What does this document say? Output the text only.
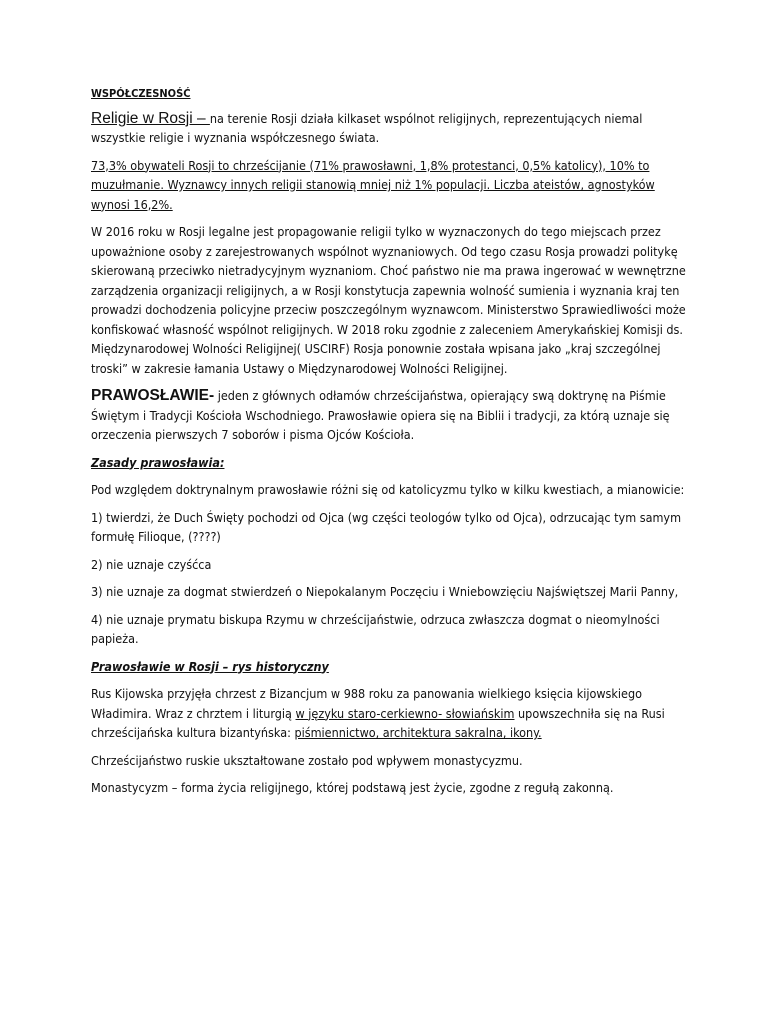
WSPÓŁCZESNOŚĆ

Religie w Rosji – na terenie Rosji działa kilkaset wspólnot religijnych, reprezentujących niemal wszystkie religie i wyznania współczesnego świata.

73,3% obywateli Rosji to chrześcijanie (71% prawosławni, 1,8% protestanci, 0,5% katolicy), 10% to muzułmanie. Wyznawcy innych religii stanowią mniej niż 1% populacji. Liczba ateistów, agnostyków wynosi 16,2%.

W 2016 roku w Rosji legalne jest propagowanie religii tylko w wyznaczonych do tego miejscach przez upoważnione osoby z zarejestrowanych wspólnot wyznaniowych. Od tego czasu Rosja prowadzi politykę skierowaną przeciwko nietradycyjnym wyznaniom. Choć państwo nie ma prawa ingerować w wewnętrzne zarządzenia organizacji religijnych, a w Rosji konstytucja zapewnia wolność sumienia i wyznania kraj ten prowadzi dochodzenia policyjne przeciw poszczególnym wyznawcom. Ministerstwo Sprawiedliwości może konfiskować własność wspólnot religijnych. W 2018 roku zgodnie z zaleceniem Amerykańskiej Komisji ds. Międzynarodowej Wolności Religijnej( USCIRF) Rosja ponownie została wpisana jako „kraj szczególnej troski” w zakresie łamania Ustawy o Międzynarodowej Wolności Religijnej.

PRAWOSŁAWIE- jeden z głównych odłamów chrześcijaństwa, opierający swą doktrynę na Piśmie Świętym i Tradycji Kościoła Wschodniego. Prawosławie opiera się na Biblii i tradycji, za którą uznaje się orzeczenia pierwszych 7 soborów i pisma Ojców Kościoła.

Zasady prawosławia:

Pod względem doktrynalnym prawosławie różni się od katolicyzmu tylko w kilku kwestiach, a mianowicie:

1) twierdzi, że Duch Święty pochodzi od Ojca (wg części teologów tylko od Ojca), odrzucając tym samym formułę Filioque, (????)

2) nie uznaje czyśćca

3) nie uznaje za dogmat stwierdzeń o Niepokalanym Poczęciu i Wniebowzięciu Najświętszej Marii Panny,

4) nie uznaje prymatu biskupa Rzymu w chrześcijaństwie, odrzuca zwłaszcza dogmat o nieomylności papieża.

Prawosławie w Rosji – rys historyczny

Rus Kijowska przyjęła chrzest z Bizancjum w 988 roku za panowania wielkiego księcia kijowskiego Władimira. Wraz z chrztem i liturgią w języku staro-cerkiewno- słowiańskim upowszechniła się na Rusi chrześcijańska kultura bizantyńska: piśmiennictwo, architektura sakralna, ikony.

Chrześcijaństwo ruskie ukształtowane zostało pod wpływem monastycyzmu.

Monastycyzm – forma życia religijnego, której podstawą jest życie, zgodne z regułą zakonną.
